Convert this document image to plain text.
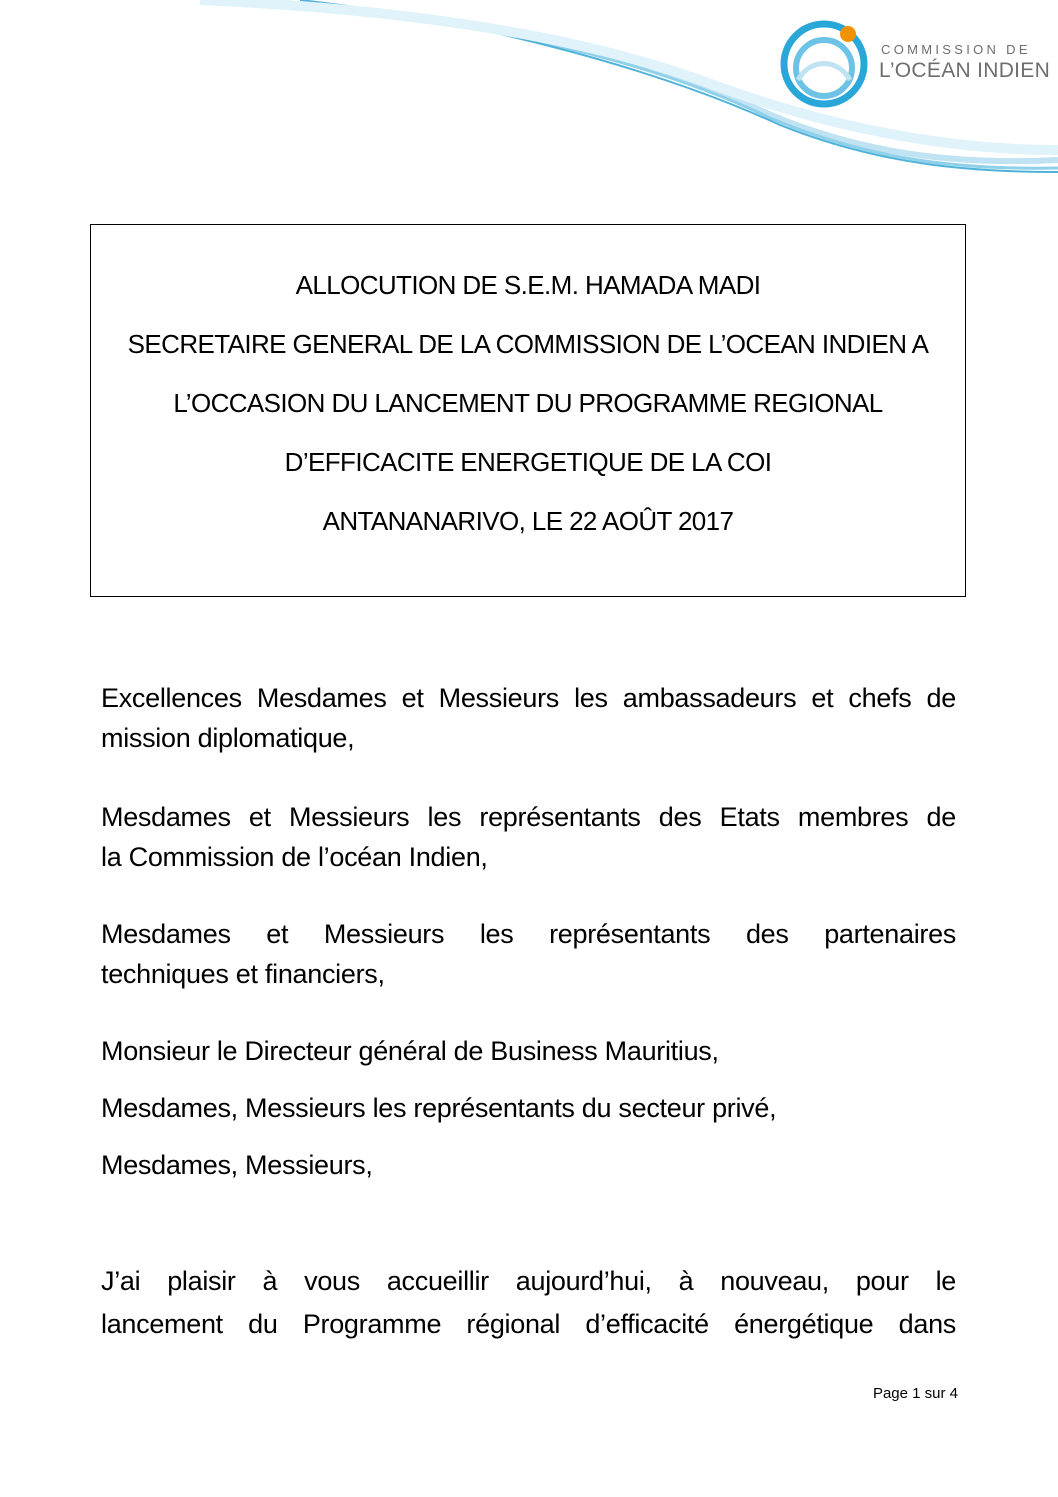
COMMISSION DE
L’OCÉAN INDIEN
ALLOCUTION DE S.E.M. HAMADA MADI
SECRETAIRE GENERAL DE LA COMMISSION DE L’OCEAN INDIEN A
L’OCCASION DU LANCEMENT DU PROGRAMME REGIONAL
D’EFFICACITE ENERGETIQUE DE LA COI
ANTANANARIVO, LE 22 AOÛT 2017
Excellences Mesdames et Messieurs les ambassadeurs et chefs de
mission diplomatique,
Mesdames et Messieurs les représentants des Etats membres de
la Commission de l’océan Indien,
Mesdames et Messieurs les représentants des partenaires
techniques et financiers,
Monsieur le Directeur général de Business Mauritius,
Mesdames, Messieurs les représentants du secteur privé,
Mesdames, Messieurs,
J’ai plaisir à vous accueillir aujourd’hui, à nouveau, pour le
lancement du Programme régional d’efficacité énergétique dans
Page 1 sur 4
